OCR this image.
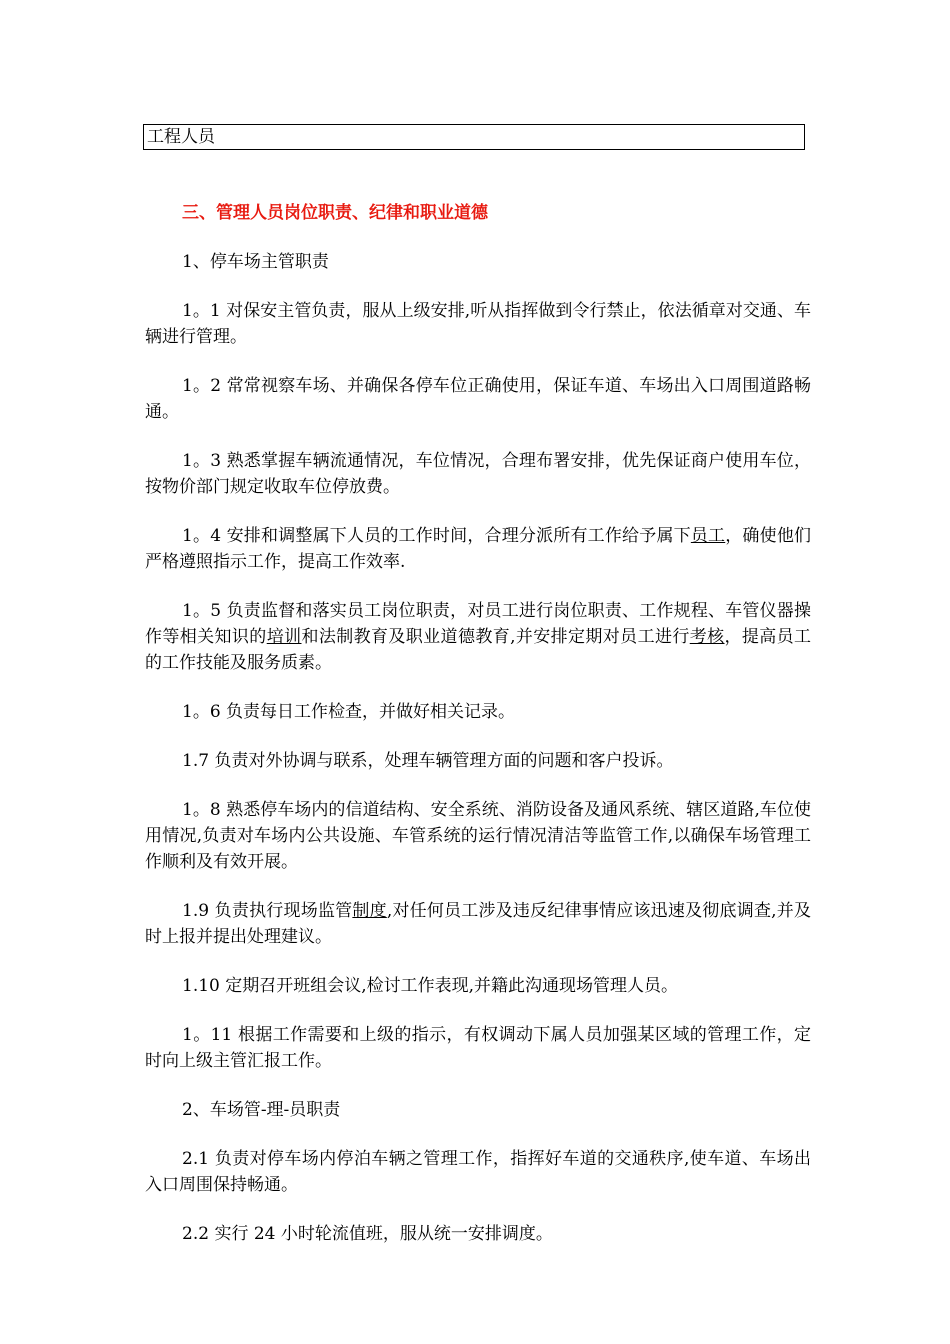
工程人员
三、管理人员岗位职责、纪律和职业道德

1、停车场主管职责

1。1 对保安主管负责，服从上级安排,听从指挥做到令行禁止，依法循章对交通、车辆进行管理。

1。2 常常视察车场、并确保各停车位正确使用，保证车道、车场出入口周围道路畅通。

1。3 熟悉掌握车辆流通情况，车位情况，合理布署安排，优先保证商户使用车位，按物价部门规定收取车位停放费。

1。4 安排和调整属下人员的工作时间，合理分派所有工作给予属下员工，确使他们严格遵照指示工作，提高工作效率.

1。5 负责监督和落实员工岗位职责，对员工进行岗位职责、工作规程、车管仪器操作等相关知识的培训和法制教育及职业道德教育,并安排定期对员工进行考核，提高员工的工作技能及服务质素。

1。6 负责每日工作检查，并做好相关记录。

1.7 负责对外协调与联系，处理车辆管理方面的问题和客户投诉。

1。8 熟悉停车场内的信道结构、安全系统、消防设备及通风系统、辖区道路,车位使用情况,负责对车场内公共设施、车管系统的运行情况清洁等监管工作,以确保车场管理工作顺利及有效开展。

1.9 负责执行现场监管制度,对任何员工涉及违反纪律事情应该迅速及彻底调查,并及时上报并提出处理建议。

1.10 定期召开班组会议,检讨工作表现,并籍此沟通现场管理人员。

1。11 根据工作需要和上级的指示，有权调动下属人员加强某区域的管理工作，定时向上级主管汇报工作。

2、车场管-理-员职责

2.1 负责对停车场内停泊车辆之管理工作，指挥好车道的交通秩序,使车道、车场出入口周围保持畅通。

2.2 实行 24 小时轮流值班，服从统一安排调度。
